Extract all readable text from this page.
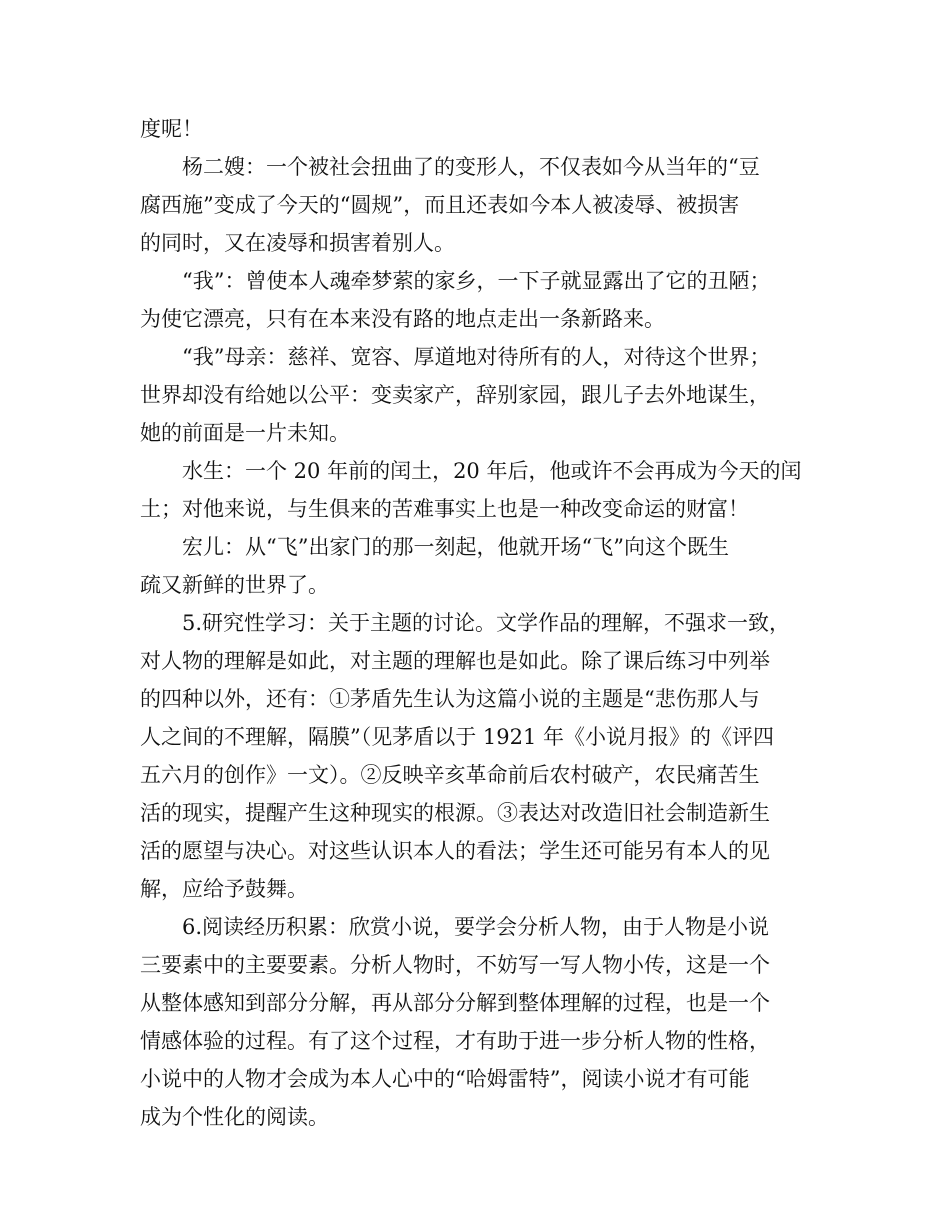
度呢！
杨二嫂：一个被社会扭曲了的变形人，不仅表如今从当年的“豆
腐西施”变成了今天的“圆规”，而且还表如今本人被凌辱、被损害
的同时，又在凌辱和损害着别人。
“我”：曾使本人魂牵梦萦的家乡，一下子就显露出了它的丑陋；
为使它漂亮，只有在本来没有路的地点走出一条新路来。
“我”母亲：慈祥、宽容、厚道地对待所有的人，对待这个世界；
世界却没有给她以公平：变卖家产，辞别家园，跟儿子去外地谋生，
她的前面是一片未知。
水生：一个 20 年前的闰土，20 年后，他或许不会再成为今天的闰
土；对他来说，与生俱来的苦难事实上也是一种改变命运的财富！
宏儿：从“飞”出家门的那一刻起，他就开场“飞”向这个既生
疏又新鲜的世界了。
5.研究性学习：关于主题的讨论。文学作品的理解，不强求一致，
对人物的理解是如此，对主题的理解也是如此。除了课后练习中列举
的四种以外，还有：①茅盾先生认为这篇小说的主题是“悲伤那人与
人之间的不理解，隔膜”（见茅盾以于 1921 年《小说月报》的《评四
五六月的创作》一文）。②反映辛亥革命前后农村破产，农民痛苦生
活的现实，提醒产生这种现实的根源。③表达对改造旧社会制造新生
活的愿望与决心。对这些认识本人的看法；学生还可能另有本人的见
解，应给予鼓舞。
6.阅读经历积累：欣赏小说，要学会分析人物，由于人物是小说
三要素中的主要要素。分析人物时，不妨写一写人物小传，这是一个
从整体感知到部分分解，再从部分分解到整体理解的过程，也是一个
情感体验的过程。有了这个过程，才有助于进一步分析人物的性格，
小说中的人物才会成为本人心中的“哈姆雷特”，阅读小说才有可能
成为个性化的阅读。
